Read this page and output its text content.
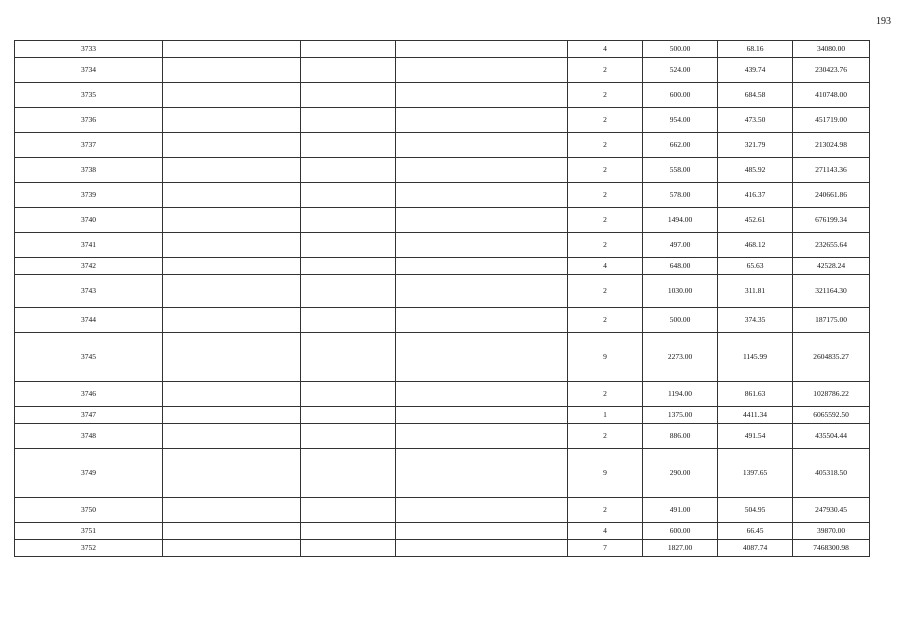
193
3733				4	500.00	68.16	34080.00
3734				2	524.00	439.74	230423.76
3735				2	600.00	684.58	410748.00
3736				2	954.00	473.50	451719.00
3737				2	662.00	321.79	213024.98
3738				2	558.00	485.92	271143.36
3739				2	578.00	416.37	240661.86
3740				2	1494.00	452.61	676199.34
3741				2	497.00	468.12	232655.64
3742				4	648.00	65.63	42528.24
3743				2	1030.00	311.81	321164.30
3744				2	500.00	374.35	187175.00
3745				9	2273.00	1145.99	2604835.27
3746				2	1194.00	861.63	1028786.22
3747				1	1375.00	4411.34	6065592.50
3748				2	886.00	491.54	435504.44
3749				9	290.00	1397.65	405318.50
3750				2	491.00	504.95	247930.45
3751				4	600.00	66.45	39870.00
3752				7	1827.00	4087.74	7468300.98
